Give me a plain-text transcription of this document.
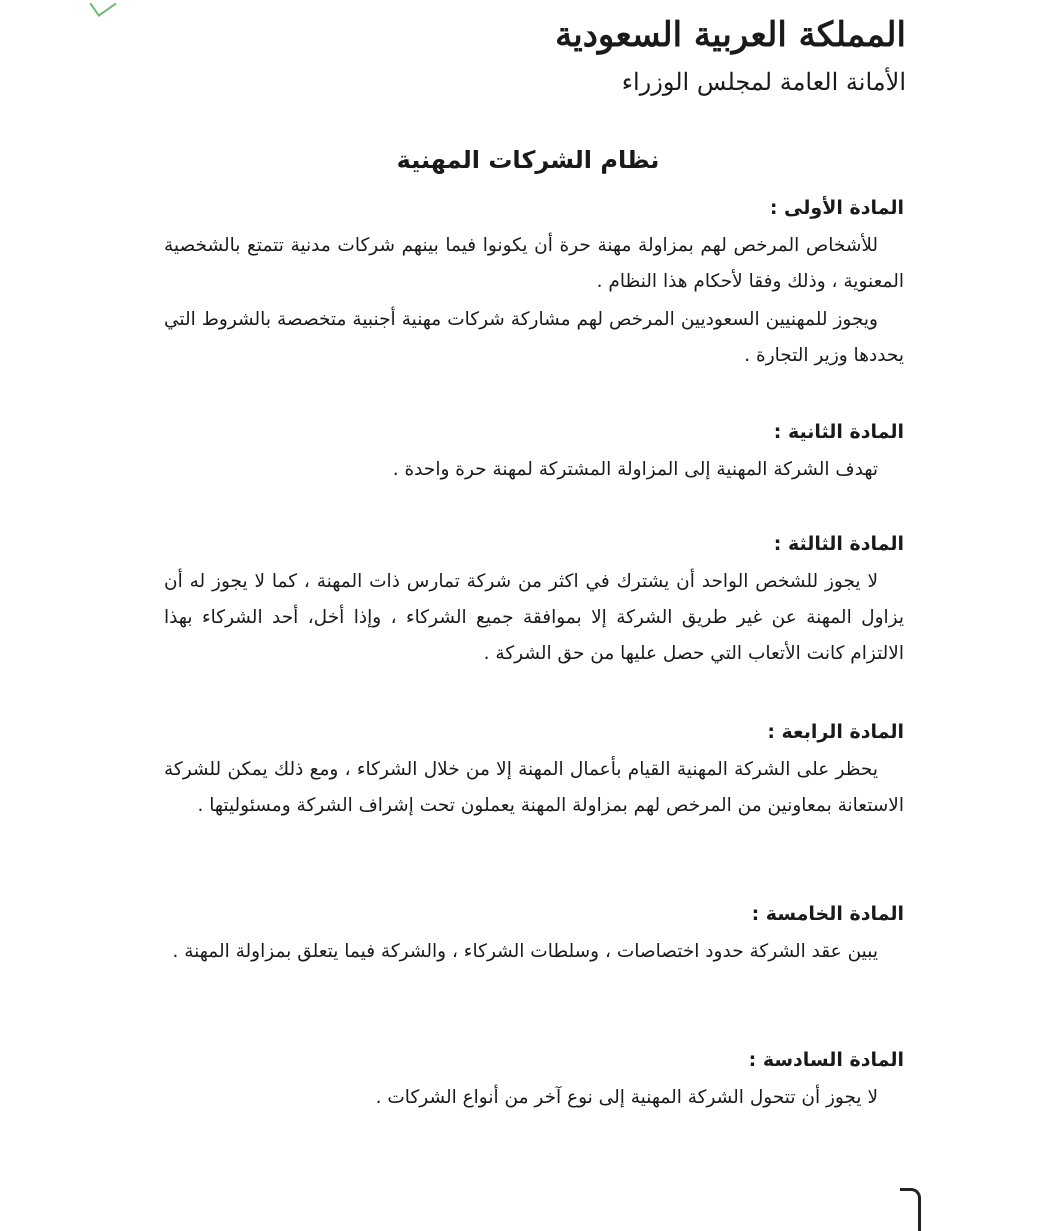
المملكة العربية السعودية
الأمانة العامة لمجلس الوزراء
نظام الشركات المهنية
المادة الأولى :

للأشخاص المرخص لهم بمزاولة مهنة حرة أن يكونوا فيما بينهم شركات مدنية تتمتع بالشخصية المعنوية ، وذلك وفقا لأحكام هذا النظام .

ويجوز للمهنيين السعوديين المرخص لهم مشاركة شركات مهنية أجنبية متخصصة بالشروط التي يحددها وزير التجارة .

المادة الثانية :

تهدف الشركة المهنية إلى المزاولة المشتركة لمهنة حرة واحدة .

المادة الثالثة :

لا يجوز للشخص الواحد أن يشترك في اكثر من شركة تمارس ذات المهنة ، كما لا يجوز له أن يزاول المهنة عن غير طريق الشركة إلا بموافقة جميع الشركاء ، وإذا أخل، أحد الشركاء بهذا الالتزام كانت الأتعاب التي حصل عليها من حق الشركة .

المادة الرابعة :

يحظر على الشركة المهنية القيام بأعمال المهنة إلا من خلال الشركاء ، ومع ذلك يمكن للشركة الاستعانة بمعاونين من المرخص لهم بمزاولة المهنة يعملون تحت إشراف الشركة ومسئوليتها .

المادة الخامسة :

يبين عقد الشركة حدود اختصاصات ، وسلطات الشركاء ، والشركة فيما يتعلق بمزاولة المهنة .

المادة السادسة :

لا يجوز أن تتحول الشركة المهنية إلى نوع آخر من أنواع الشركات .
